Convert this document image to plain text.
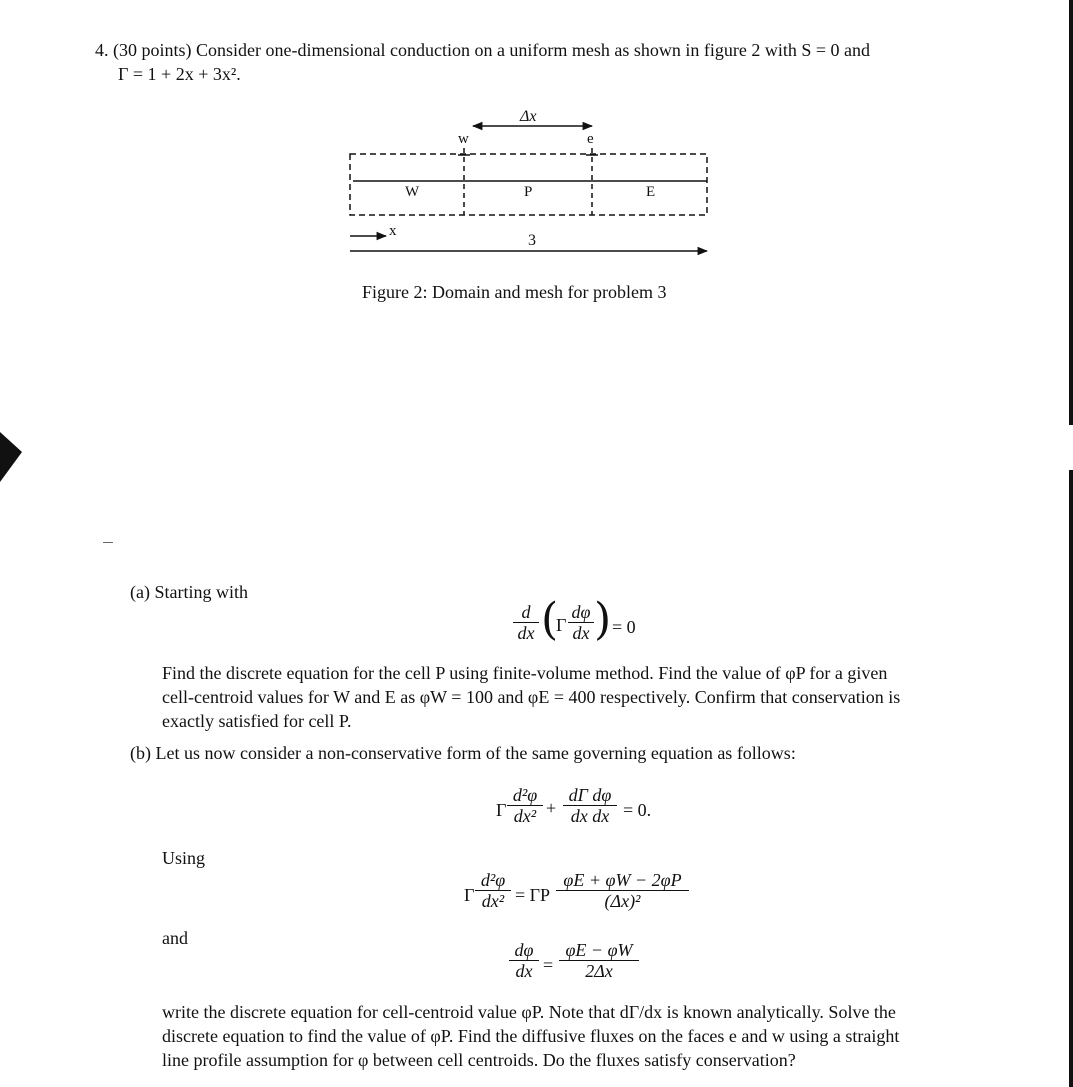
4. (30 points) Consider one-dimensional conduction on a uniform mesh as shown in figure 2 with S = 0 and
Γ = 1 + 2x + 3x².
Δx
w	e
W	P	E
x
3
Figure 2: Domain and mesh for problem 3
(a) Starting with
d
dx (
Γ
dφ
dx ) = 0
Find the discrete equation for the cell P using finite-volume method. Find the value of φP for a given
cell-centroid values for W and E as φW = 100 and φE = 400 respectively. Confirm that conservation is
exactly satisfied for cell P.
(b) Let us now consider a non-conservative form of the same governing equation as follows:
Γ
d²φ
dx² +
dΓ dφ
dx dx = 0.
Using
Γ
d²φ
dx² = ΓP
φE + φW − 2φP
(Δx)²
and
dφ
dx =
φE − φW
2Δx
write the discrete equation for cell-centroid value φP. Note that dΓ/dx is known analytically. Solve the
discrete equation to find the value of φP. Find the diffusive fluxes on the faces e and w using a straight
line profile assumption for φ between cell centroids. Do the fluxes satisfy conservation?
